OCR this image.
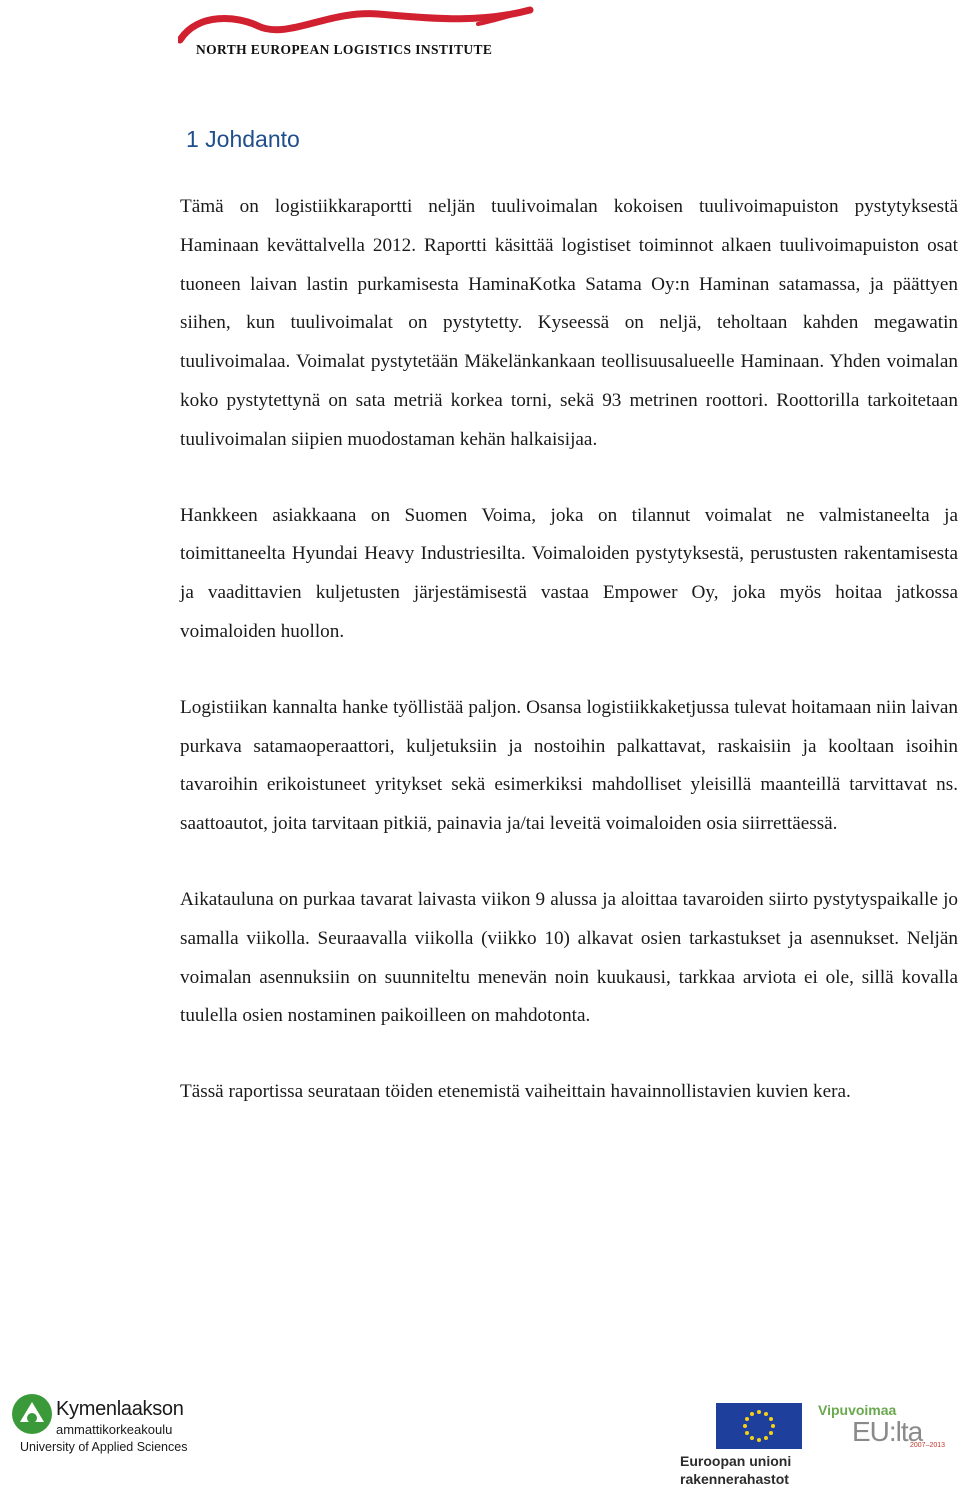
NORTH EUROPEAN LOGISTICS INSTITUTE
1 Johdanto

Tämä on logistiikkaraportti neljän tuulivoimalan kokoisen tuulivoimapuiston pystytyksestä Haminaan kevättalvella 2012. Raportti käsittää logistiset toiminnot alkaen tuulivoimapuiston osat tuoneen laivan lastin purkamisesta HaminaKotka Satama Oy:n Haminan satamassa, ja päättyen siihen, kun tuulivoimalat on pystytetty. Kyseessä on neljä, teholtaan kahden megawatin tuulivoimalaa. Voimalat pystytetään Mäkelänkankaan teollisuusalueelle Haminaan. Yhden voimalan koko pystytettynä on sata metriä korkea torni, sekä 93 metrinen roottori. Roottorilla tarkoitetaan tuulivoimalan siipien muodostaman kehän halkaisijaa.

Hankkeen asiakkaana on Suomen Voima, joka on tilannut voimalat ne valmistaneelta ja toimittaneelta Hyundai Heavy Industriesilta. Voimaloiden pystytyksestä, perustusten rakentamisesta ja vaadittavien kuljetusten järjestämisestä vastaa Empower Oy, joka myös hoitaa jatkossa voimaloiden huollon.

Logistiikan kannalta hanke työllistää paljon. Osansa logistiikkaketjussa tulevat hoitamaan niin laivan purkava satamaoperaattori, kuljetuksiin ja nostoihin palkattavat, raskaisiin ja kooltaan isoihin tavaroihin erikoistuneet yritykset sekä esimerkiksi mahdolliset yleisillä maanteillä tarvittavat ns. saattoautot, joita tarvitaan pitkiä, painavia ja/tai leveitä voimaloiden osia siirrettäessä.

Aikatauluna on purkaa tavarat laivasta viikon 9 alussa ja aloittaa tavaroiden siirto pystytyspaikalle jo samalla viikolla. Seuraavalla viikolla (viikko 10) alkavat osien tarkastukset ja asennukset. Neljän voimalan asennuksiin on suunniteltu menevän noin kuukausi, tarkkaa arviota ei ole, sillä kovalla tuulella osien nostaminen paikoilleen on mahdotonta.

Tässä raportissa seurataan töiden etenemistä vaiheittain havainnollistavien kuvien kera.

Kymenlaakson
ammattikorkeakoulu
University of Applied Sciences
Euroopan unioni
rakennerahastot
Vipuvoimaa
EU:lta
2007–2013
